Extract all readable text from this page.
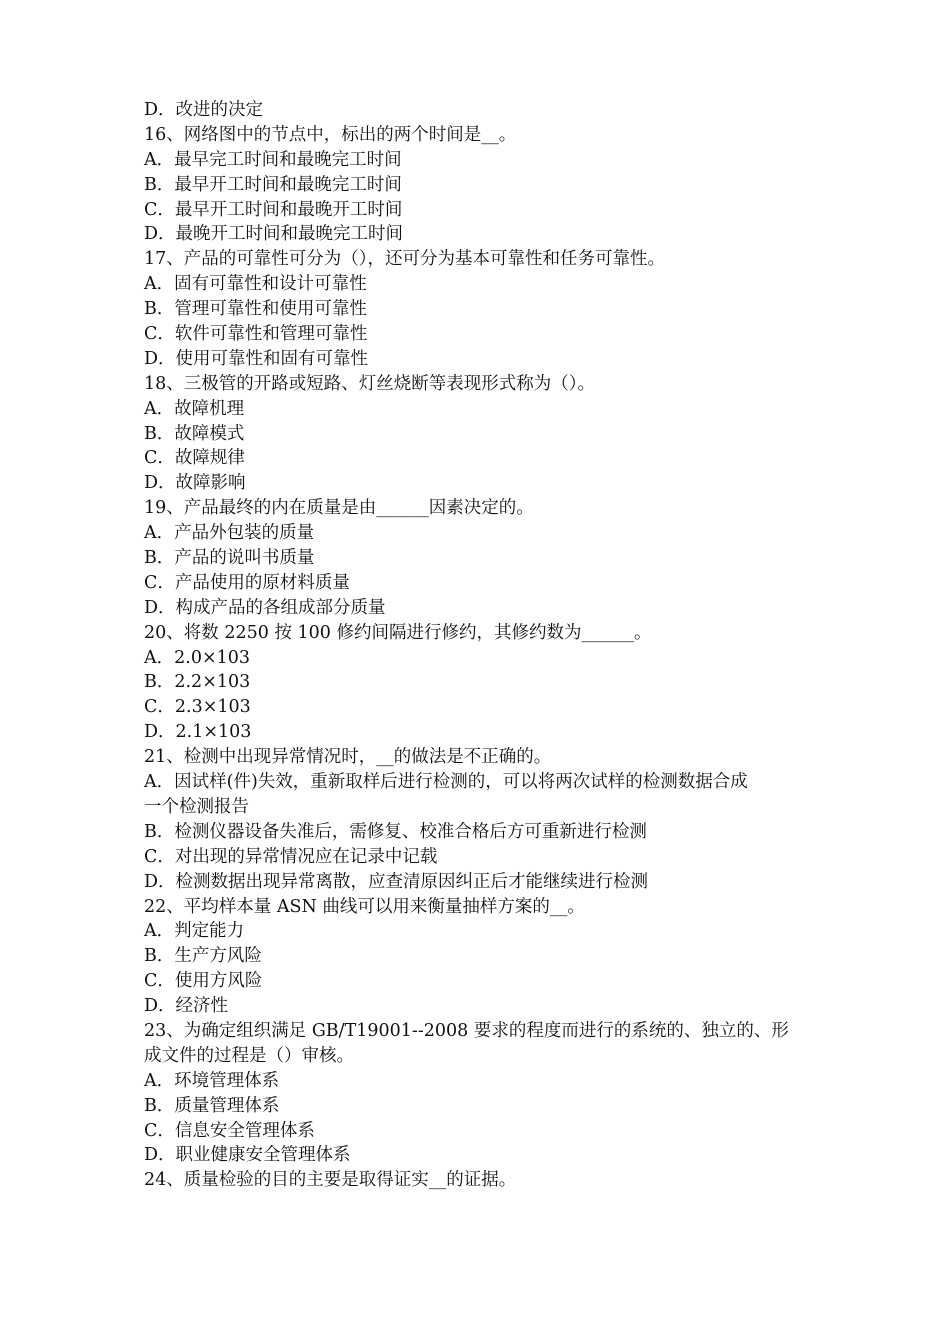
D．改进的决定

16、网络图中的节点中，标出的两个时间是__。

A．最早完工时间和最晚完工时间

B．最早开工时间和最晚完工时间

C．最早开工时间和最晚开工时间

D．最晚开工时间和最晚完工时间

17、产品的可靠性可分为（），还可分为基本可靠性和任务可靠性。

A．固有可靠性和设计可靠性

B．管理可靠性和使用可靠性

C．软件可靠性和管理可靠性

D．使用可靠性和固有可靠性

18、三极管的开路或短路、灯丝烧断等表现形式称为（）。

A．故障机理

B．故障模式

C．故障规律

D．故障影响

19、产品最终的内在质量是由______因素决定的。

A．产品外包装的质量

B．产品的说叫书质量

C．产品使用的原材料质量

D．构成产品的各组成部分质量

20、将数 2250 按 100 修约间隔进行修约，其修约数为______。

A．2.0×103

B．2.2×103

C．2.3×103

D．2.1×103

21、检测中出现异常情况时，__的做法是不正确的。

A．因试样(件)失效，重新取样后进行检测的，可以将两次试样的检测数据合成

一个检测报告

B．检测仪器设备失准后，需修复、校准合格后方可重新进行检测

C．对出现的异常情况应在记录中记载

D．检测数据出现异常离散，应查清原因纠正后才能继续进行检测

22、平均样本量 ASN 曲线可以用来衡量抽样方案的__。

A．判定能力

B．生产方风险

C．使用方风险

D．经济性

23、为确定组织满足 GB/T19001--2008 要求的程度而进行的系统的、独立的、形

成文件的过程是（）审核。

A．环境管理体系

B．质量管理体系

C．信息安全管理体系

D．职业健康安全管理体系

24、质量检验的目的主要是取得证实__的证据。
